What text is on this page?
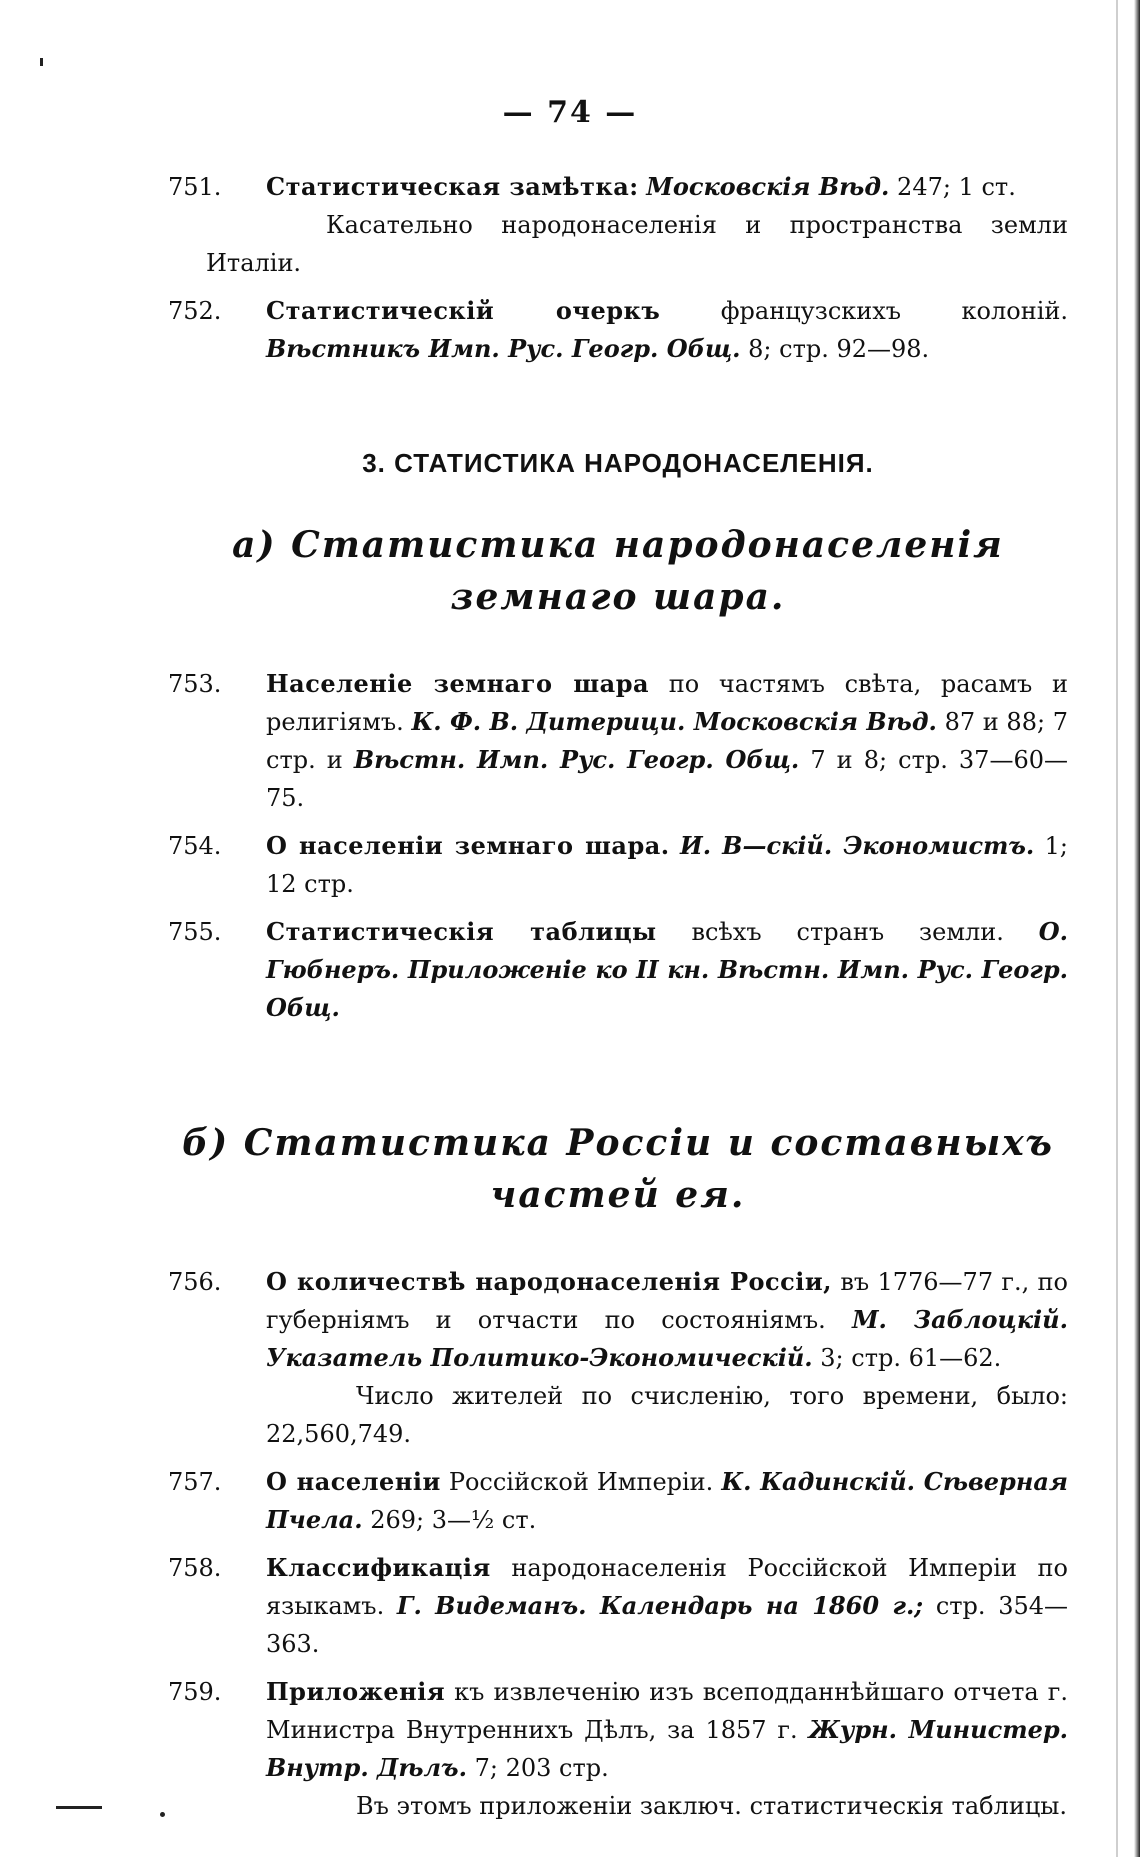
— 74 —
751.	Статистическая замѣтка: Московскія Вѣд. 247; 1 ст.
Касательно народонаселенія и пространства земли Италіи.
752.	Статистическій очеркъ	французскихъ колоній. Вѣстникъ Имп. Рус. Геогр. Общ. 8; стр. 92—98.
3. СТАТИСТИКА НАРОДОНАСЕЛЕНІЯ.
а) Статистика народонаселенія земнаго шара.
753.	Населеніе земнаго шара по частямъ свѣта, расамъ и религіямъ. К. Ф. В. Дитерици. Московскія Вѣд. 87 и 88; 7 стр. и Вѣстн. Имп. Рус. Геогр. Общ. 7 и 8; стр. 37—60—75.
754.	О населеніи земнаго шара. И. В—скій. Экономистъ. 1; 12 стр.
755.	Статистическія таблицы всѣхъ странъ земли. О. Гюбнеръ. Приложеніе ко II кн. Вѣстн. Имп. Рус. Геогр. Общ.
б) Статистика Россіи и составныхъ частей ея.
756.	О количествѣ народонаселенія Россіи, въ 1776—77 г., по губерніямъ и отчасти по состояніямъ. М. Заблоцкій. Указатель Политико-Экономическій. 3; стр. 61—62.
Число жителей по счисленію, того времени, было: 22,560,749.
757.	О населеніи Россійской Имперіи. К. Кадинскій. Сѣверная Пчела. 269; 3—½ ст.
758.	Классификація народонаселенія Россійской Имперіи по языкамъ. Г. Видеманъ. Календарь на 1860 г.; стр. 354—363.
759.	Приложенія къ извлеченію изъ всеподданнѣйшаго отчета г. Министра Внутреннихъ Дѣлъ, за 1857 г. Журн. Министер. Внутр. Дѣлъ. 7; 203 стр.
Въ этомъ приложеніи заключ. статистическія таблицы.
